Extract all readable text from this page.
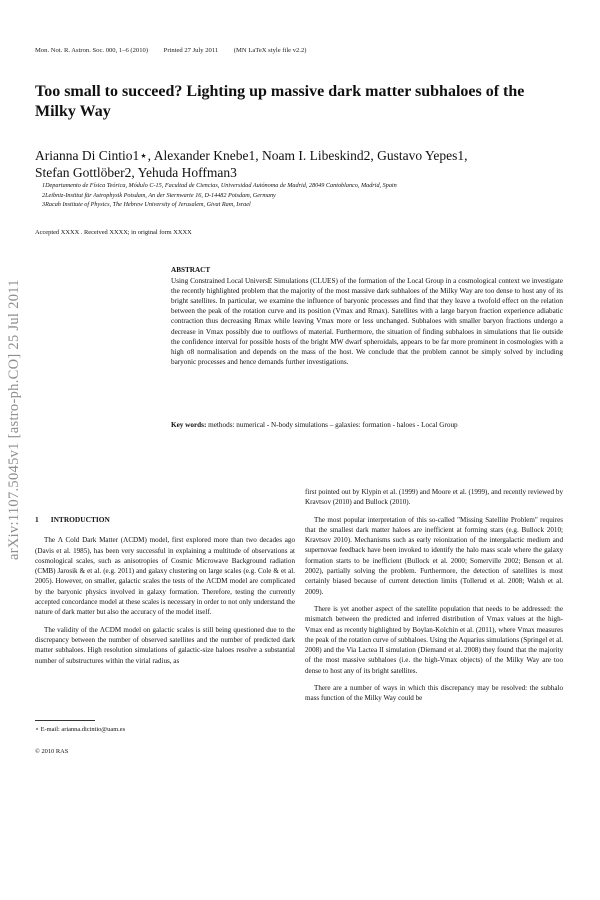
Mon. Not. R. Astron. Soc. 000, 1–6 (2010) Printed 27 July 2011 (MN LaTeX style file v2.2)
Too small to succeed? Lighting up massive dark matter subhaloes of the Milky Way
Arianna Di Cintio1⋆, Alexander Knebe1, Noam I. Libeskind2, Gustavo Yepes1,
Stefan Gottlöber2, Yehuda Hoffman3
1Departamento de Física Teórica, Módulo C-15, Facultad de Ciencias, Universidad Autónoma de Madrid, 28049 Cantoblanco, Madrid, Spain
2Leibniz-Institut für Astrophysik Potsdam, An der Sternwarte 16, D-14482 Potsdam, Germany
3Racah Institute of Physics, The Hebrew University of Jerusalem, Givat Ram, Israel
arXiv:1107.5045v1 [astro-ph.CO] 25 Jul 2011
Accepted XXXX . Received XXXX; in original form XXXX
ABSTRACT

Using Constrained Local UniversE Simulations (CLUES) of the formation of the Local Group in a cosmological context we investigate the recently highlighted problem that the majority of the most massive dark subhaloes of the Milky Way are too dense to host any of its bright satellites. In particular, we examine the influence of baryonic processes and find that they leave a twofold effect on the relation between the peak of the rotation curve and its position (Vmax and Rmax). Satellites with a large baryon fraction experience adiabatic contraction thus decreasing Rmax while leaving Vmax more or less unchanged. Subhaloes with smaller baryon fractions undergo a decrease in Vmax possibly due to outflows of material. Furthermore, the situation of finding subhaloes in simulations that lie outside the confidence interval for possible hosts of the bright MW dwarf spheroidals, appears to be far more prominent in cosmologies with a high σ8 normalisation and depends on the mass of the host. We conclude that the problem cannot be simply solved by including baryonic processes and hence demands further investigations.

Key words: methods: numerical - N-body simulations – galaxies: formation - haloes - Local Group
1 INTRODUCTION

The Λ Cold Dark Matter (ΛCDM) model, first explored more than two decades ago (Davis et al. 1985), has been very successful in explaining a multitude of observations at cosmological scales, such as anisotropies of Cosmic Microwave Background radiation (CMB) Jarosik & et al. (e.g. 2011) and galaxy clustering on large scales (e.g. Cole & et al. 2005). However, on smaller, galactic scales the tests of the ΛCDM model are complicated by the baryonic physics involved in galaxy formation. Therefore, testing the currently accepted concordance model at these scales is necessary in order to not only understand the nature of dark matter but also the accuracy of the model itself.

The validity of the ΛCDM model on galactic scales is still being questioned due to the discrepancy between the number of observed satellites and the number of predicted dark matter subhaloes. High resolution simulations of galactic-size haloes resolve a substantial number of substructures within the virial radius, as

first pointed out by Klypin et al. (1999) and Moore et al. (1999), and recently reviewed by Kravtsov (2010) and Bullock (2010).

The most popular interpretation of this so-called "Missing Satellite Problem" requires that the smallest dark matter haloes are inefficient at forming stars (e.g. Bullock 2010; Kravtsov 2010). Mechanisms such as early reionization of the intergalactic medium and supernovae feedback have been invoked to identify the halo mass scale where the galaxy formation starts to be inefficient (Bullock et al. 2000; Somerville 2002; Benson et al. 2002), partially solving the problem. Furthermore, the detection of satellites is most certainly biased because of current detection limits (Tollerud et al. 2008; Walsh et al. 2009).

There is yet another aspect of the satellite population that needs to be addressed: the mismatch between the predicted and inferred distribution of Vmax values at the high-Vmax end as recently highlighted by Boylan-Kolchin et al. (2011), where Vmax measures the peak of the rotation curve of subhaloes. Using the Aquarius simulations (Springel et al. 2008) and the Via Lactea II simulation (Diemand et al. 2008) they found that the majority of the most massive subhaloes (i.e. the high-Vmax objects) of the Milky Way are too dense to host any of its bright satellites.

There are a number of ways in which this discrepancy may be resolved: the subhalo mass function of the Milky Way could be

⋆ E-mail: arianna.dicintio@uam.es
© 2010 RAS
